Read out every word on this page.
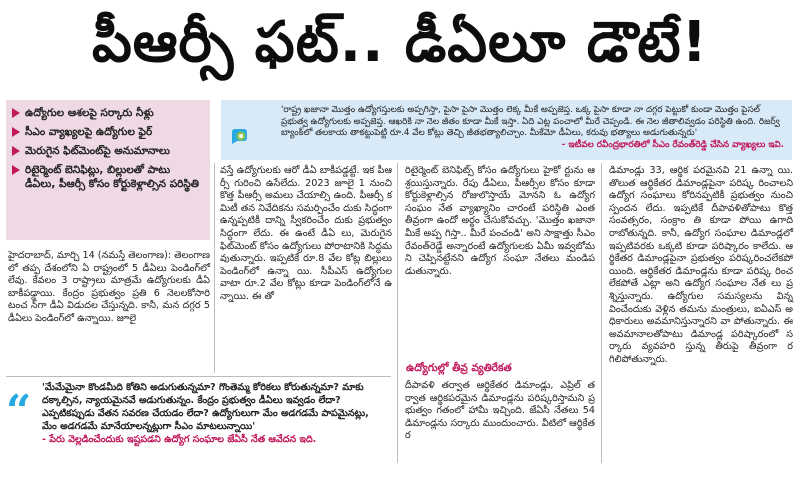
పీఆర్సీ ఫట్.. డీఏలూ డౌటే!
ఉద్యోగుల ఆశలపై సర్కారు నీళ్లు
సీఎం వ్యాఖ్యలపై ఉద్యోగుల ఫైర్
మెరుగైన ఫిట్‌మెంట్‌పై అనుమానాలు
రిటైర్మెంట్ బెనిఫిట్లు, బిల్లులతో పాటు డీఏలు, పీఆర్సీ కోసం కోర్టుకెళ్లాల్సిన పరిస్థితి
'రాష్ట్ర ఖజానా మొత్తం ఉద్యోగస్తులకు అప్పగిస్తా, పైసా పైసా మొత్తం లెక్క మీకే అప్పజెప్త. ఒక్క పైసా కూడా నా దగ్గర పెట్టుకో కుండా మొత్తం పైసల్ ప్రభుత్వ ఉద్యోగులకు అప్పజెప్త. ఆఖరికి నా నెల జీతం కూడా మీకే ఇస్తా. ఏది ఎట్ల పంచాలో మీరే చెప్పండి. ఈ నెల జీతాలివ్వడం పరిస్థితి ఉంది. రిజర్వ్ బ్యాంక్‌లో తలకాయ తాకట్టుపెట్టి రూ.4 వేల కోట్లు తెచ్చి జీతభత్యాలిచ్చాం. మీకేమో డీఏలు, కరువు భత్యాలు అడుగుతున్నరు'
- ఇటీవల రవీంద్రభారతిలో సీఎం రేవంత్‌రెడ్డి చేసిన వ్యాఖ్యలు ఇవి.
హైదరాబాద్, మార్చి 14 (నమస్తే తెలంగాణ): తెలంగాణలో తప్ప దేశంలోని ఏ రాష్ట్రంలో 5 డీఏలు పెండింగ్‌లో లేవు. కేవలం 3 రాష్ట్రాలు మాత్రమే ఉద్యోగులకు డీఏ బాకీపడ్డాయి. కేంద్రం ప్రభుత్వం ప్రతి 6 నెలలకోసారి టంచ న్‌గా డీఏ విడుదల చేస్తున్నది. కానీ, మన దగ్గర 5 డీఏలు పెండింగ్‌లో ఉన్నాయి. జూలై
వస్తే ఉద్యోగులకు ఆరో డీఏ బాకీపడ్డట్టే. ఇక పీఆర్సీ గురించి ఉసేలేదు. 2023 జూలై 1 నుంచి కొత్త పీఆర్సీ అమలు చేయాల్సి ఉంది. పీఆర్సీ కమిటీ తన నివేదికను సమర్పించేం దుకు సిద్ధంగా ఉన్నప్పటికీ దాన్ని స్వీకరించేం దుకు ప్రభుత్వం సిద్ధంగా లేదు. ఈ ఉంటే డీఏ లు, మెరుగైన ఫిట్‌మెంట్ కోసం ఉద్యోగులు పోరాటానికి సిద్ధమవుతున్నారు. ఇప్పటికే రూ.8 వేల కోట్ల బిల్లులు పెండింగ్‌లో ఉన్నా యి. సీపీఎస్ ఉద్యోగుల వాటా రూ.2 వేల కోట్లు కూడా పెండింగ్‌లోనే ఉన్నాయి. ఈ తో
రిటైర్మెంట్ బెనిఫిట్స్ కోసం ఉద్యోగులు హైకో ర్టును ఆశ్రయిస్తున్నారు. రేపు డీఏలు, పీఆర్సీల కోసం కూడా కోర్టుకెళ్లాల్సిన రోజులొస్తాయే మోనని ఓ ఉద్యోగ సంఘం నేత వ్యాఖ్యానిం చారంటే పరిస్థితి ఎంత తీవ్రంగా ఉందో అర్థం చేసుకోవచ్చు. 'మొత్తం ఖజానా మీకే అప్ప గిస్తా.. మీరే పంచండి' అని సాక్షాత్తు సీఎం రేవంత్‌రెడ్డే అన్నారంటే ఉద్యోగులకు ఏమీ ఇవ్వబోమని చెప్పినట్టేనని ఉద్యోగ సంఘా నేతలు మండిపడుతున్నారు.
ఉద్యోగుల్లో తీవ్ర వ్యతిరేకత
దీపావళి తర్వాత ఆర్థికేతర డిమాండ్లు, ఎప్రిల్ తర్వాత ఆర్థికపరమైన డిమాండ్లను పరిష్కరిస్తామని ప్రభుత్వం గతంలో హామీ ఇచ్చింది. జేఏసీ నేతలు 54 డిమాండ్లను సర్కారు ముందుంచారు. వీటిలో ఆర్థికేతర
డిమాండ్లు 33, ఆర్థిక పరమైనవి 21 ఉన్నా యి. తొలుత ఆర్థికేతర డిమాండ్లపైనా పరిష్క రించాలని ఉద్యోగ సంఘాలు కోరినప్పటికీ ప్రభుత్వం నుంచి స్పందన లేదు. ఇప్పటికే దీపావళితోపాటు కొత్త సంవత్సరం, సంక్రాం తి కూడా పోయి ఉగాది రాబోతున్నది. కానీ, ఉద్యోగ సంఘాల డిమాండ్లలో ఇప్పటివరకు ఒక్కటి కూడా పరిష్కారం కాలేదు. ఆర్థికేతర డిమాండ్లపైనా ప్రభుత్వం పరిష్కరించలేకపో యింది. ఆర్థికేతర డిమాండ్లను కూడా పరిష్క రించలేకపోతే ఎట్లా అని ఉద్యోగ సంఘాల నేత లు ప్రశ్నిస్తున్నారు. ఉద్యోగుల సమస్యలను విన్నవించేందుకు వెళ్లిన తమను మంత్రులు, ఐఏఎస్ అధికారులు అవమానిస్తున్నారని వా పోతున్నారు. ఈ అవమానాలతోపాటు డిమాండ్ల పరిష్కారంలో సర్కారు వ్యవహరి స్తున్న తీరుపై తీవ్రంగా రగిలిపోతున్నారు.
“ 'మేమేమైనా కొండమీది కోతిని అడుగుతున్నమా? గొంతెమ్మ కోరికలు కోరుతున్నమా? మాకు దక్కాల్సిన, న్యాయమైనవే అడుగుతున్నం. కేంద్రం ప్రభుత్వం డీఏలు ఇవ్వడం లేదా? ఎప్పటికప్పుడు వేతన సవరణ చేయడం లేదా? ఉద్యోగులుగా మేం అడగడమే పాపమైనట్లు, మేం అడగడమే మానేయాలన్నట్లుగా సీఎం మాటలున్నాయి'
- పేరు వెల్లడించేందుకు ఇష్టపడని ఉద్యోగ సంఘాల జేఏసీ నేత ఆవేదన ఇది.
